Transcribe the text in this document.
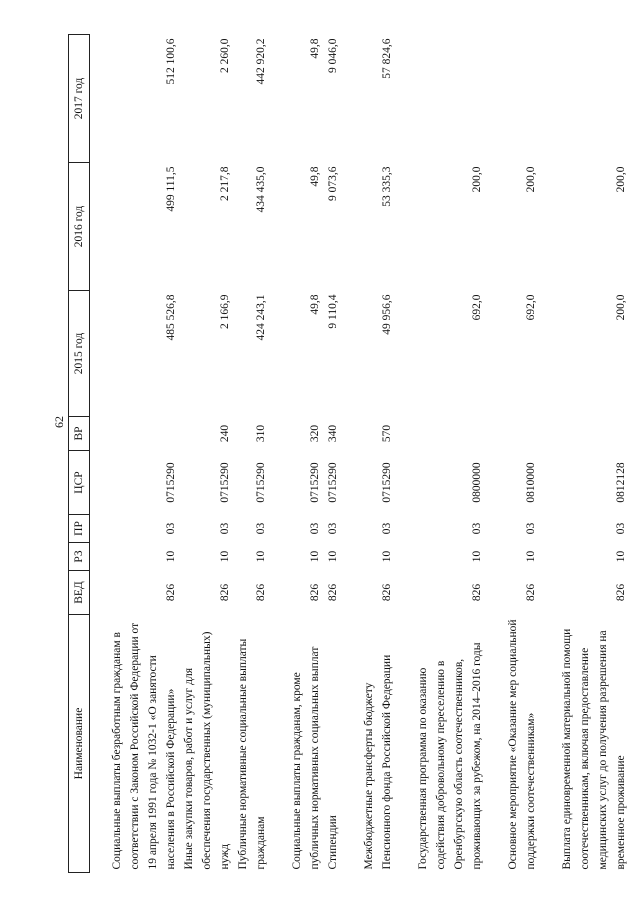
62
Наименование	ВЕД	РЗ	ПР	ЦСР	ВР	2015 год	2016 год	2017 год
Социальные выплаты безработным гражданам в соответствии с Законом Российской Федерации от 19 апреля 1991 года № 1032-1 «О занятости населения в Российской Федерации»	826	10	03	0715290		485 526,8	499 111,5	512 100,6
Иные закупки товаров, работ и услуг для обеспечения государственных (муниципальных) нужд	826	10	03	0715290	240	2 166,9	2 217,8	2 260,0
Публичные нормативные социальные выплаты гражданам	826	10	03	0715290	310	424 243,1	434 435,0	442 920,2
Социальные выплаты гражданам, кроме публичных нормативных социальных выплат	826	10	03	0715290	320	49,8	49,8	49,8
Стипендии	826	10	03	0715290	340	9 110,4	9 073,6	9 046,0
Межбюджетные трансферты бюджету Пенсионного фонда Российской Федерации	826	10	03	0715290	570	49 956,6	53 335,3	57 824,6
Государственная программа по оказанию содействия добровольному переселению в Оренбургскую область соотечественников, проживающих за рубежом, на 2014–2016 годы	826	10	03	0800000		692,0	200,0	
Основное мероприятие «Оказание мер социальной поддержки соотечественникам»	826	10	03	0810000		692,0	200,0	
Выплата единовременной материальной помощи соотечественникам, включая предоставление медицинских услуг до получения разрешения на временное проживание	826	10	03	0812128		200,0	200,0	
